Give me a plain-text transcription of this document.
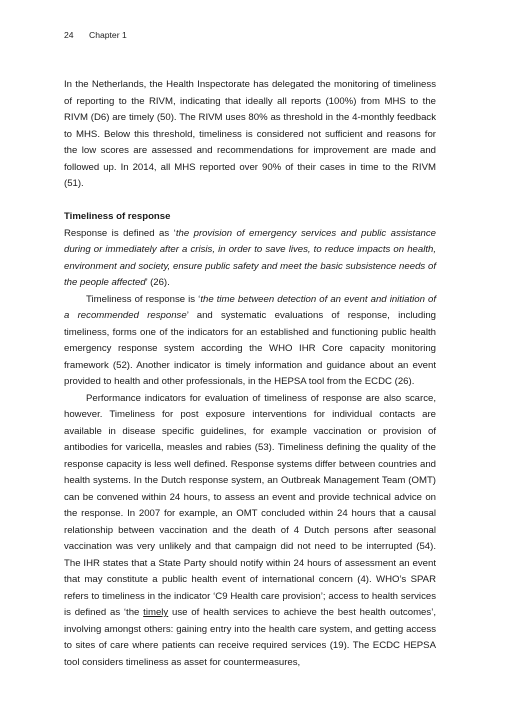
24 Chapter 1

In the Netherlands, the Health Inspectorate has delegated the monitoring of timeliness of reporting to the RIVM, indicating that ideally all reports (100%) from MHS to the RIVM (D6) are timely (50). The RIVM uses 80% as threshold in the 4-monthly feedback to MHS. Below this threshold, timeliness is considered not sufficient and reasons for the low scores are assessed and recommendations for improvement are made and followed up. In 2014, all MHS reported over 90% of their cases in time to the RIVM (51).

Timeliness of response

Response is defined as ‘the provision of emergency services and public assistance during or immediately after a crisis, in order to save lives, to reduce impacts on health, environment and society, ensure public safety and meet the basic subsistence needs of the people affected’ (26).

Timeliness of response is ‘the time between detection of an event and initiation of a recommended response’ and systematic evaluations of response, including timeliness, forms one of the indicators for an established and functioning public health emergency response system according the WHO IHR Core capacity monitoring framework (52). Another indicator is timely information and guidance about an event provided to health and other professionals, in the HEPSA tool from the ECDC (26).

Performance indicators for evaluation of timeliness of response are also scarce, however. Timeliness for post exposure interventions for individual contacts are available in disease specific guidelines, for example vaccination or provision of antibodies for varicella, measles and rabies (53). Timeliness defining the quality of the response capacity is less well defined. Response systems differ between countries and health systems. In the Dutch response system, an Outbreak Management Team (OMT) can be convened within 24 hours, to assess an event and provide technical advice on the response. In 2007 for example, an OMT concluded within 24 hours that a causal relationship between vaccination and the death of 4 Dutch persons after seasonal vaccination was very unlikely and that campaign did not need to be interrupted (54). The IHR states that a State Party should notify within 24 hours of assessment an event that may constitute a public health event of international concern (4). WHO’s SPAR refers to timeliness in the indicator ‘C9 Health care provision’; access to health services is defined as ‘the timely use of health services to achieve the best health outcomes’, involving amongst others: gaining entry into the health care system, and getting access to sites of care where patients can receive required services (19). The ECDC HEPSA tool considers timeliness as asset for countermeasures,
